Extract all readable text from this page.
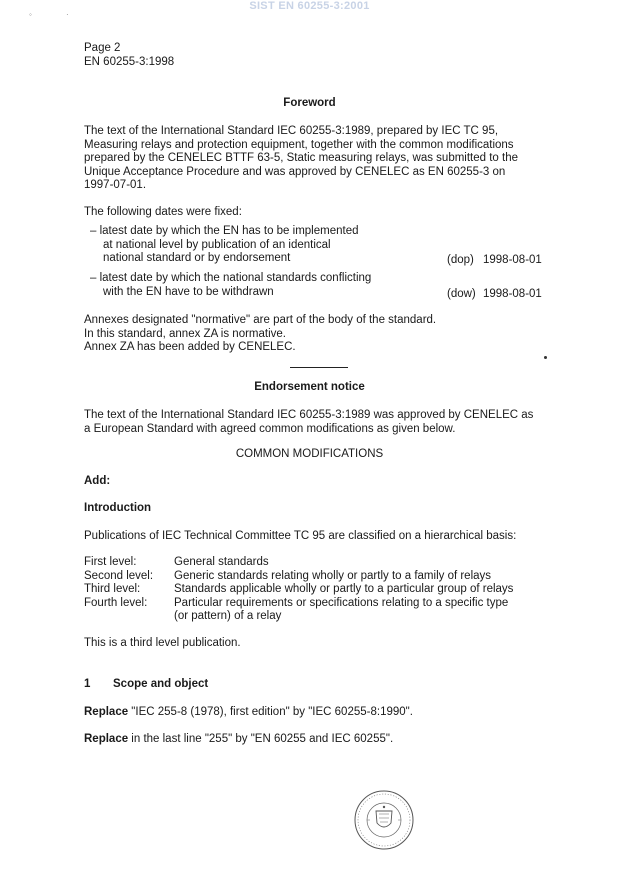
SIST EN 60255-3:2001
◦	·
Page 2
EN 60255-3:1998
Foreword
The text of the International Standard IEC 60255-3:1989, prepared by IEC TC 95,
Measuring relays and protection equipment, together with the common modifications
prepared by the CENELEC BTTF 63-5, Static measuring relays, was submitted to the
Unique Acceptance Procedure and was approved by CENELEC as EN 60255-3 on
1997-07-01.
The following dates were fixed:
– latest date by which the EN has to be implemented
at national level by publication of an identical
national standard or by endorsement	(dop) 1998-08-01
– latest date by which the national standards conflicting
with the EN have to be withdrawn	(dow) 1998-08-01
Annexes designated "normative" are part of the body of the standard.
In this standard, annex ZA is normative.
Annex ZA has been added by CENELEC.
Endorsement notice
The text of the International Standard IEC 60255-3:1989 was approved by CENELEC as
a European Standard with agreed common modifications as given below.
COMMON MODIFICATIONS
Add:
Introduction
Publications of IEC Technical Committee TC 95 are classified on a hierarchical basis:
First level:	General standards
Second level: Generic standards relating wholly or partly to a family of relays
Third level:	Standards applicable wholly or partly to a particular group of relays
Fourth level: Particular requirements or specifications relating to a specific type
(or pattern) of a relay
This is a third level publication.
1 Scope and object
Replace "IEC 255-8 (1978), first edition" by "IEC 60255-8:1990".
Replace in the last line "255" by "EN 60255 and IEC 60255".
